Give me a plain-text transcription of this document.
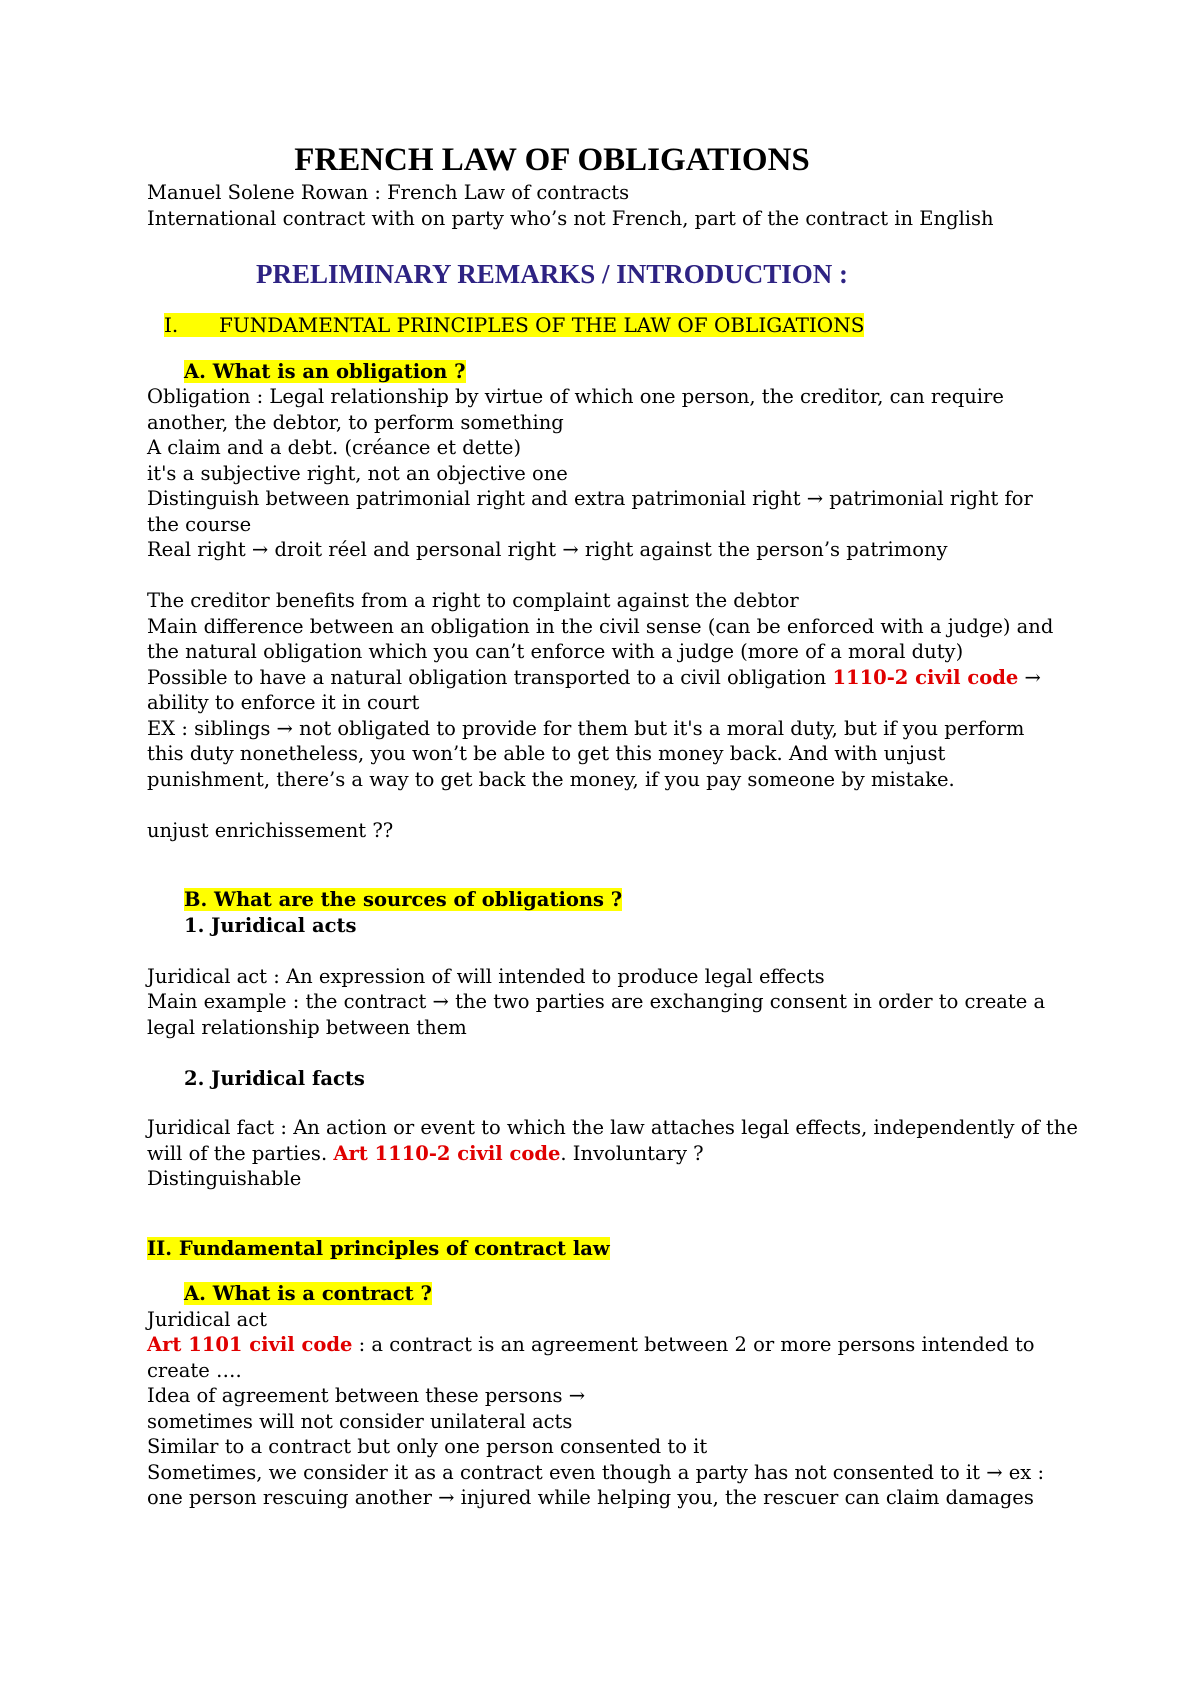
FRENCH LAW OF OBLIGATIONS
Manuel Solene Rowan : French Law of contracts
International contract with on party who’s not French, part of the contract in English
PRELIMINARY REMARKS / INTRODUCTION :
I. FUNDAMENTAL PRINCIPLES OF THE LAW OF OBLIGATIONS
A. What is an obligation ?
Obligation : Legal relationship by virtue of which one person, the creditor, can require
another, the debtor, to perform something
A claim and a debt. (créance et dette)
it's a subjective right, not an objective one
Distinguish between patrimonial right and extra patrimonial right → patrimonial right for
the course
Real right → droit réel and personal right → right against the person’s patrimony
The creditor benefits from a right to complaint against the debtor
Main difference between an obligation in the civil sense (can be enforced with a judge) and
the natural obligation which you can’t enforce with a judge (more of a moral duty)
Possible to have a natural obligation transported to a civil obligation 1110-2 civil code →
ability to enforce it in court
EX : siblings → not obligated to provide for them but it's a moral duty, but if you perform
this duty nonetheless, you won’t be able to get this money back. And with unjust
punishment, there’s a way to get back the money, if you pay someone by mistake.
unjust enrichissement ??
B. What are the sources of obligations ?
1. Juridical acts
Juridical act : An expression of will intended to produce legal effects
Main example : the contract → the two parties are exchanging consent in order to create a
legal relationship between them
2. Juridical facts
Juridical fact : An action or event to which the law attaches legal effects, independently of the
will of the parties. Art 1110-2 civil code. Involuntary ?
Distinguishable
II. Fundamental principles of contract law
A. What is a contract ?
Juridical act
Art 1101 civil code : a contract is an agreement between 2 or more persons intended to
create ….
Idea of agreement between these persons →
sometimes will not consider unilateral acts
Similar to a contract but only one person consented to it
Sometimes, we consider it as a contract even though a party has not consented to it → ex :
one person rescuing another → injured while helping you, the rescuer can claim damages
